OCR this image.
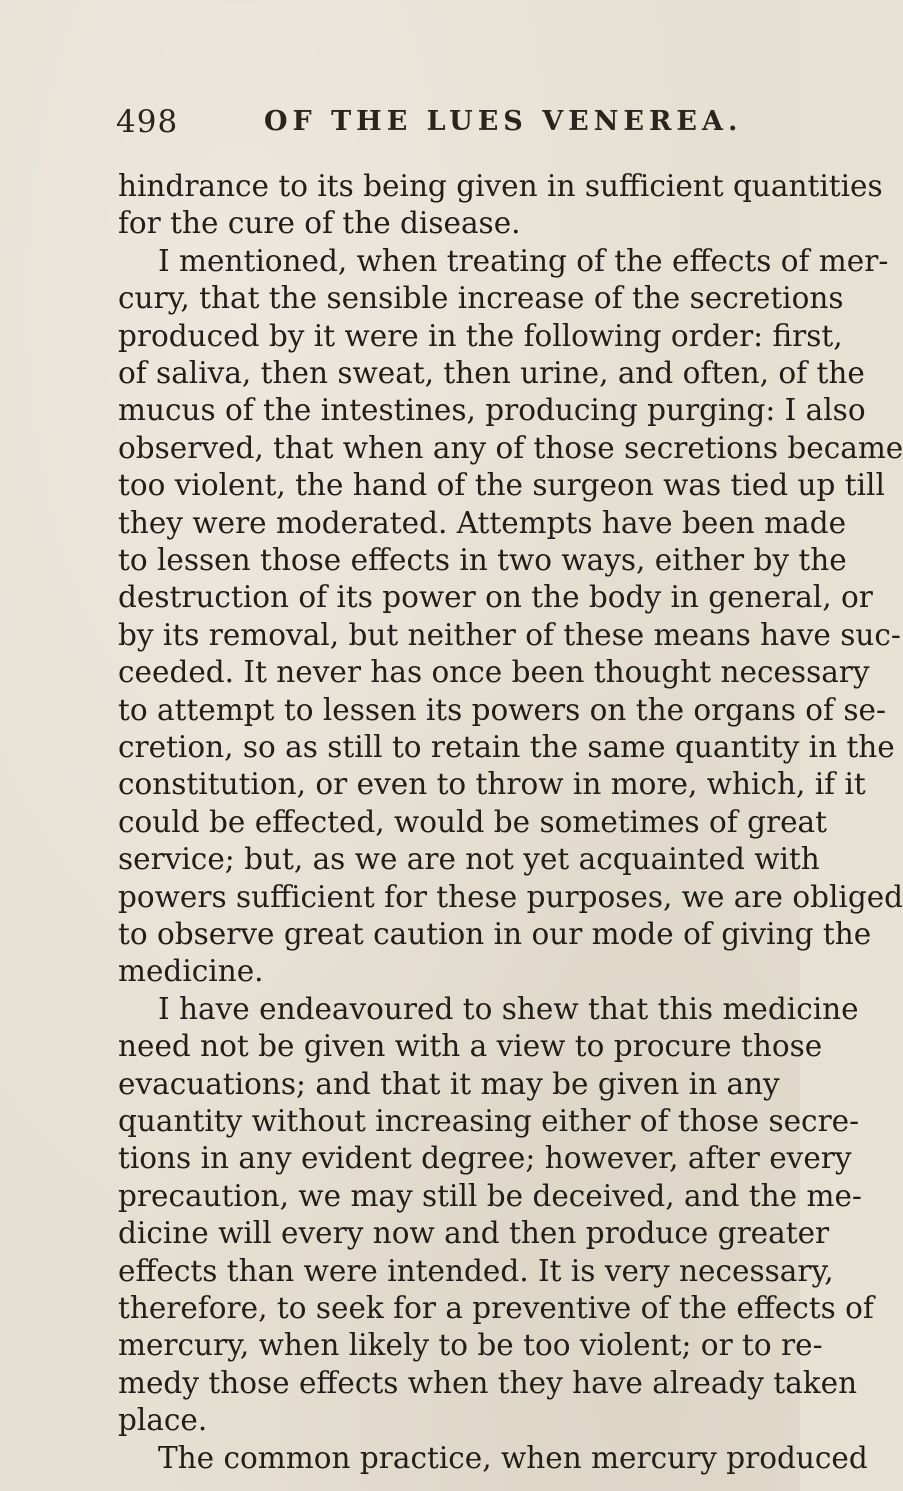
498	OF THE LUES VENEREA.
hindrance to its being given in sufficient quantities
for the cure of the disease.
I mentioned, when treating of the effects of mer-
cury, that the sensible increase of the secretions
produced by it were in the following order: first,
of saliva, then sweat, then urine, and often, of the
mucus of the intestines, producing purging: I also
observed, that when any of those secretions became
too violent, the hand of the surgeon was tied up till
they were moderated. Attempts have been made
to lessen those effects in two ways, either by the
destruction of its power on the body in general, or
by its removal, but neither of these means have suc-
ceeded. It never has once been thought necessary
to attempt to lessen its powers on the organs of se-
cretion, so as still to retain the same quantity in the
constitution, or even to throw in more, which, if it
could be effected, would be sometimes of great
service; but, as we are not yet acquainted with
powers sufficient for these purposes, we are obliged
to observe great caution in our mode of giving the
medicine.
I have endeavoured to shew that this medicine
need not be given with a view to procure those
evacuations; and that it may be given in any
quantity without increasing either of those secre-
tions in any evident degree; however, after every
precaution, we may still be deceived, and the me-
dicine will every now and then produce greater
effects than were intended. It is very necessary,
therefore, to seek for a preventive of the effects of
mercury, when likely to be too violent; or to re-
medy those effects when they have already taken
place.
The common practice, when mercury produced
